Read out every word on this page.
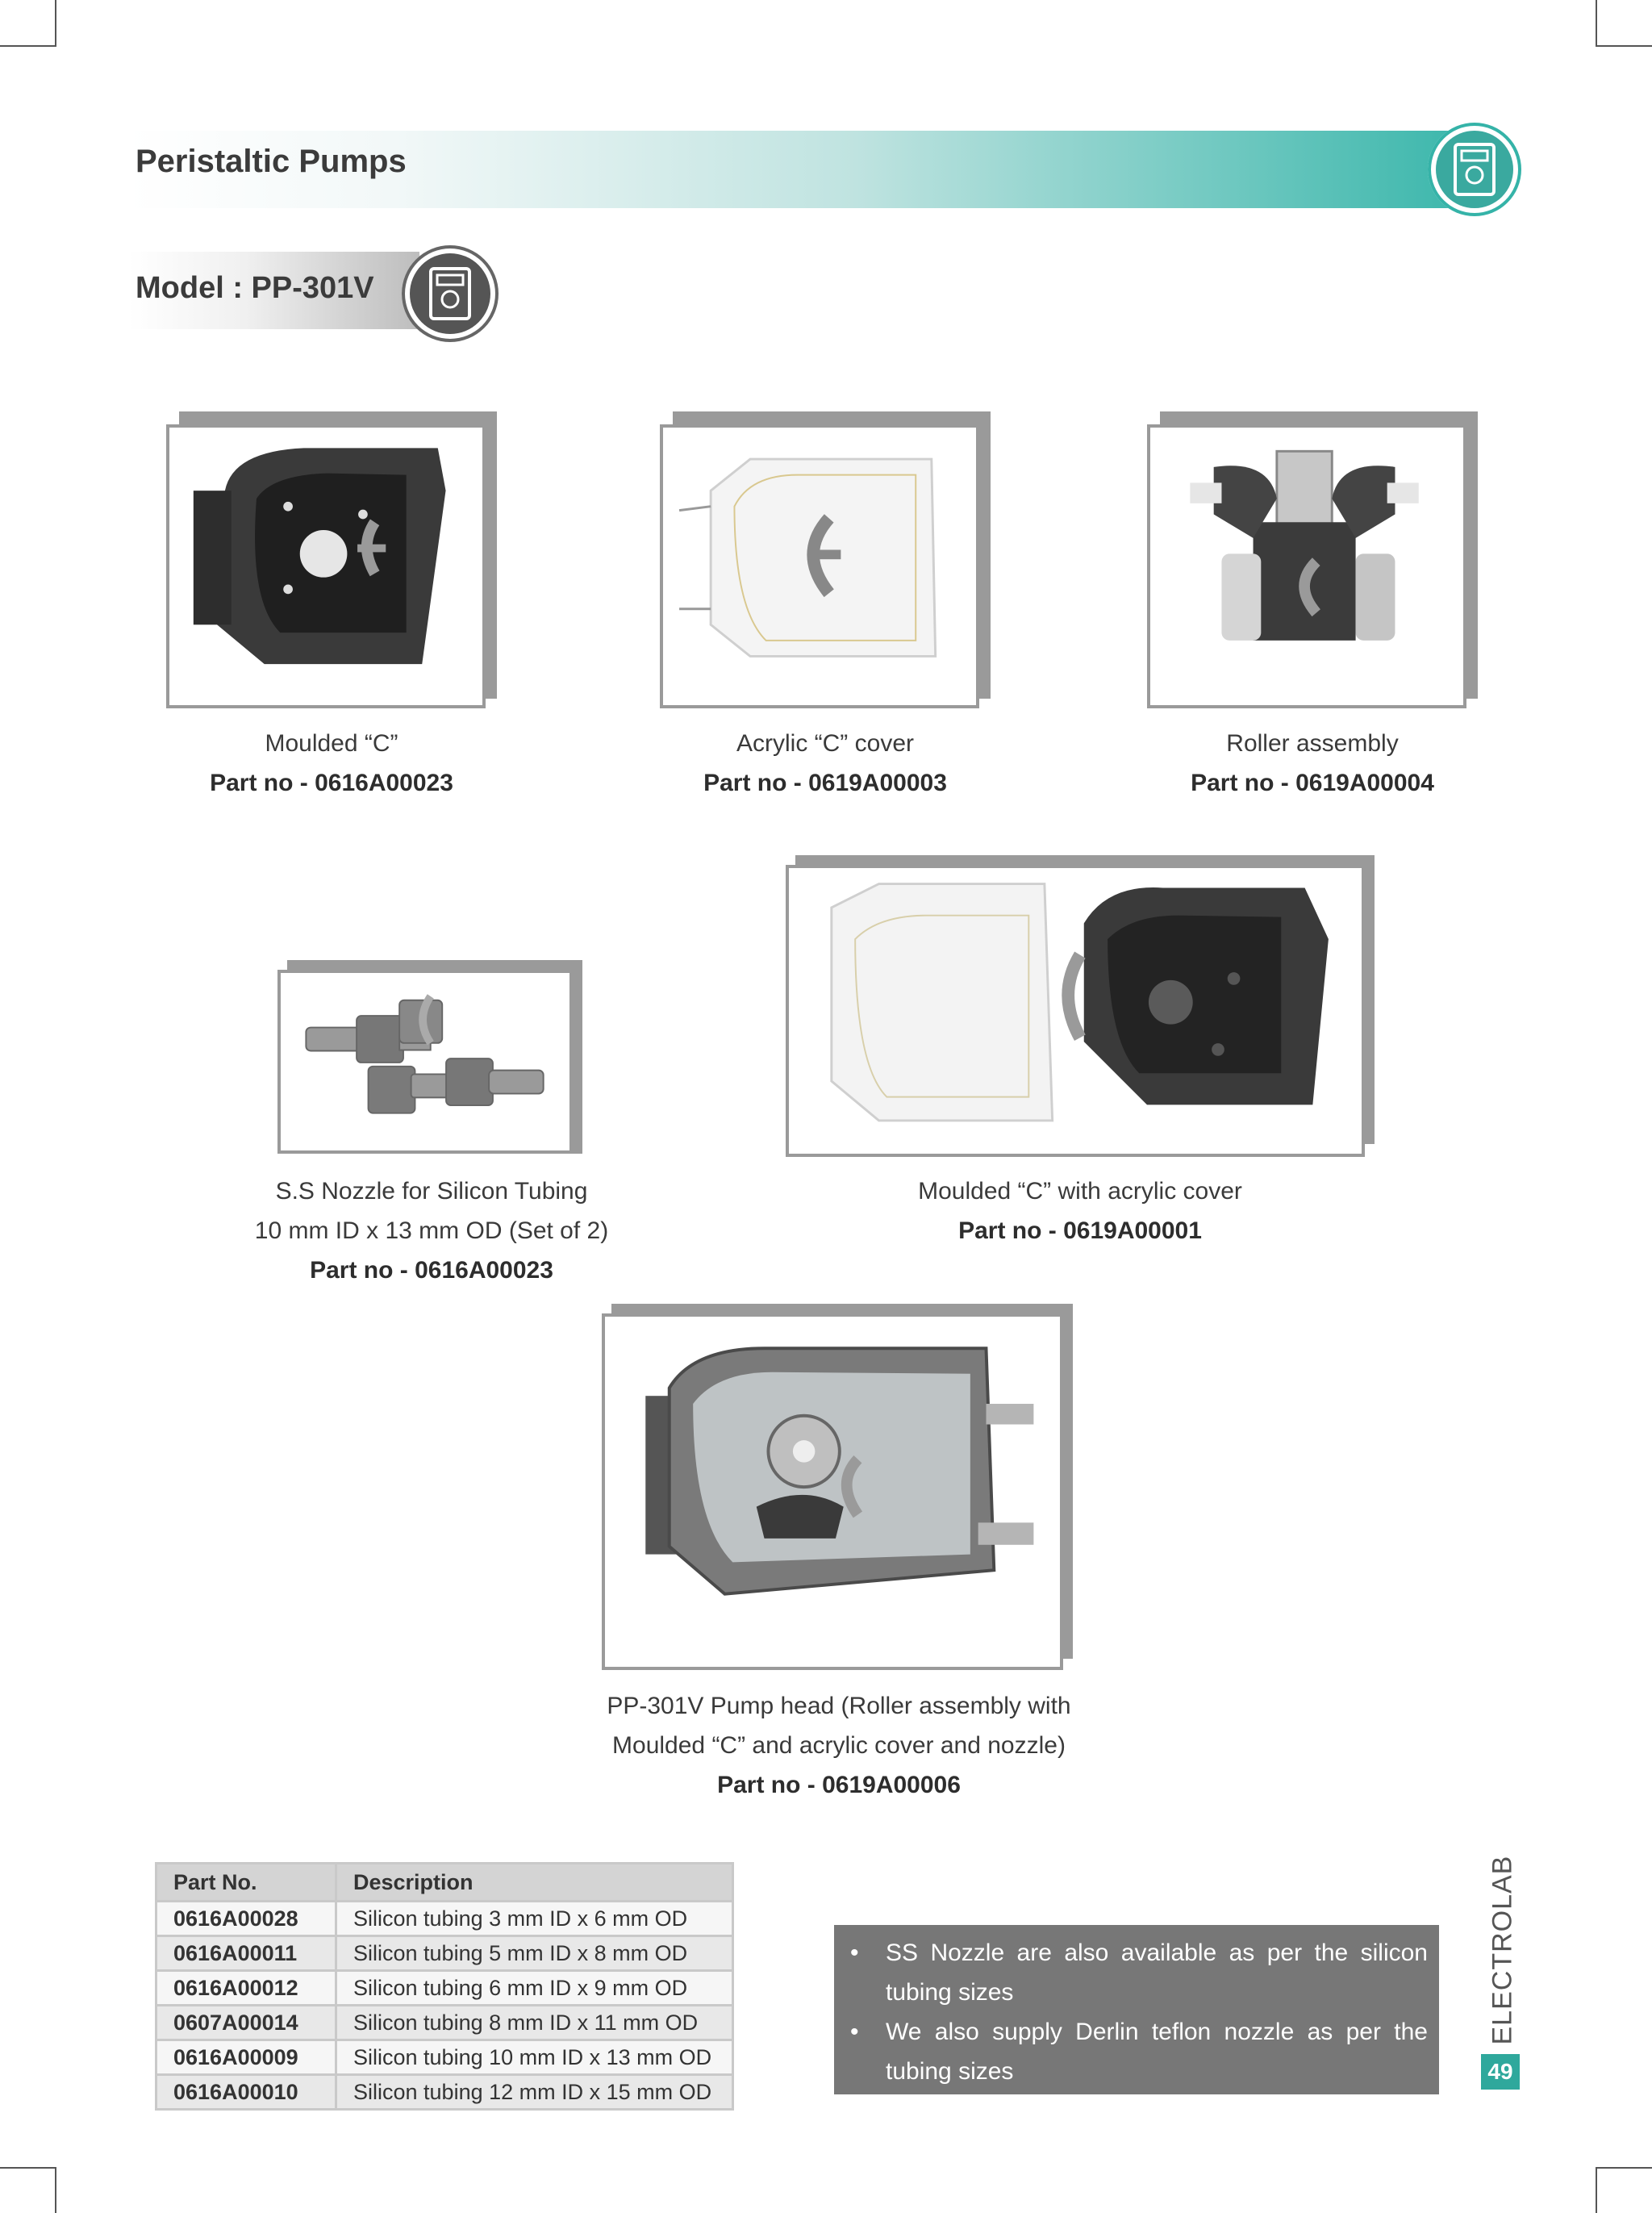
Peristaltic Pumps
Model : PP-301V
Moulded “C”
Part no - 0616A00023
Acrylic “C” cover
Part no - 0619A00003
Roller assembly
Part no - 0619A00004
S.S Nozzle for Silicon Tubing
10 mm ID x 13 mm OD (Set of 2)
Part no - 0616A00023
Moulded “C” with acrylic cover
Part no - 0619A00001
PP-301V Pump head (Roller assembly with
Moulded “C” and acrylic cover and nozzle)
Part no - 0619A00006
Part No.	Description
0616A00028	Silicon tubing 3 mm ID x 6 mm OD
0616A00011	Silicon tubing 5 mm ID x 8 mm OD
0616A00012	Silicon tubing 6 mm ID x 9 mm OD
0607A00014	Silicon tubing 8 mm ID x 11 mm OD
0616A00009	Silicon tubing 10 mm ID x 13 mm OD
0616A00010	Silicon tubing 12 mm ID x 15 mm OD
• SS Nozzle are also available as per the silicon tubing sizes
• We also supply Derlin teflon nozzle as per the tubing sizes
ELECTROLAB
49
